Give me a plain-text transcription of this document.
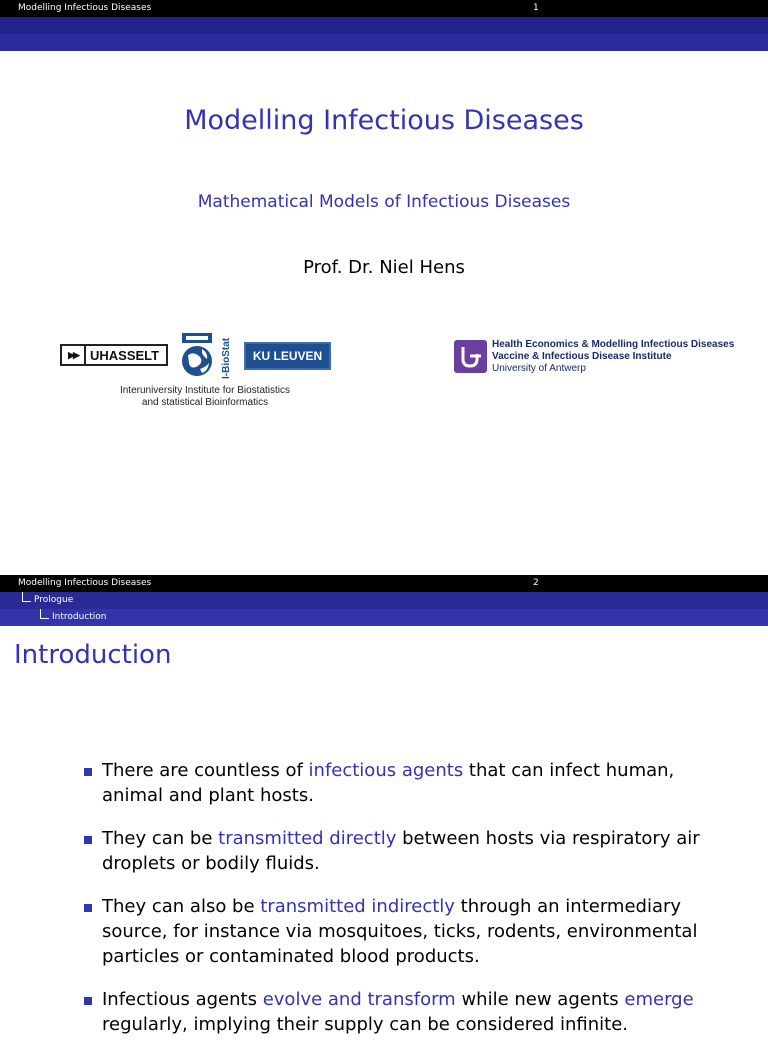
Modelling Infectious Diseases	1
Modelling Infectious Diseases
Mathematical Models of Infectious Diseases
Prof. Dr. Niel Hens
▶▶ UHASSELT	I-BioStat	KU LEUVEN
Interuniversity Institute for Biostatistics
and statistical Bioinformatics
Health Economics & Modelling Infectious Diseases
Vaccine & Infectious Disease Institute
University of Antwerp
Modelling Infectious Diseases	2
Prologue
Introduction
Introduction
There are countless of infectious agents that can infect human, animal and plant hosts.
They can be transmitted directly between hosts via respiratory air droplets or bodily fluids.
They can also be transmitted indirectly through an intermediary source, for instance via mosquitoes, ticks, rodents, environmental particles or contaminated blood products.
Infectious agents evolve and transform while new agents emerge regularly, implying their supply can be considered infinite.
